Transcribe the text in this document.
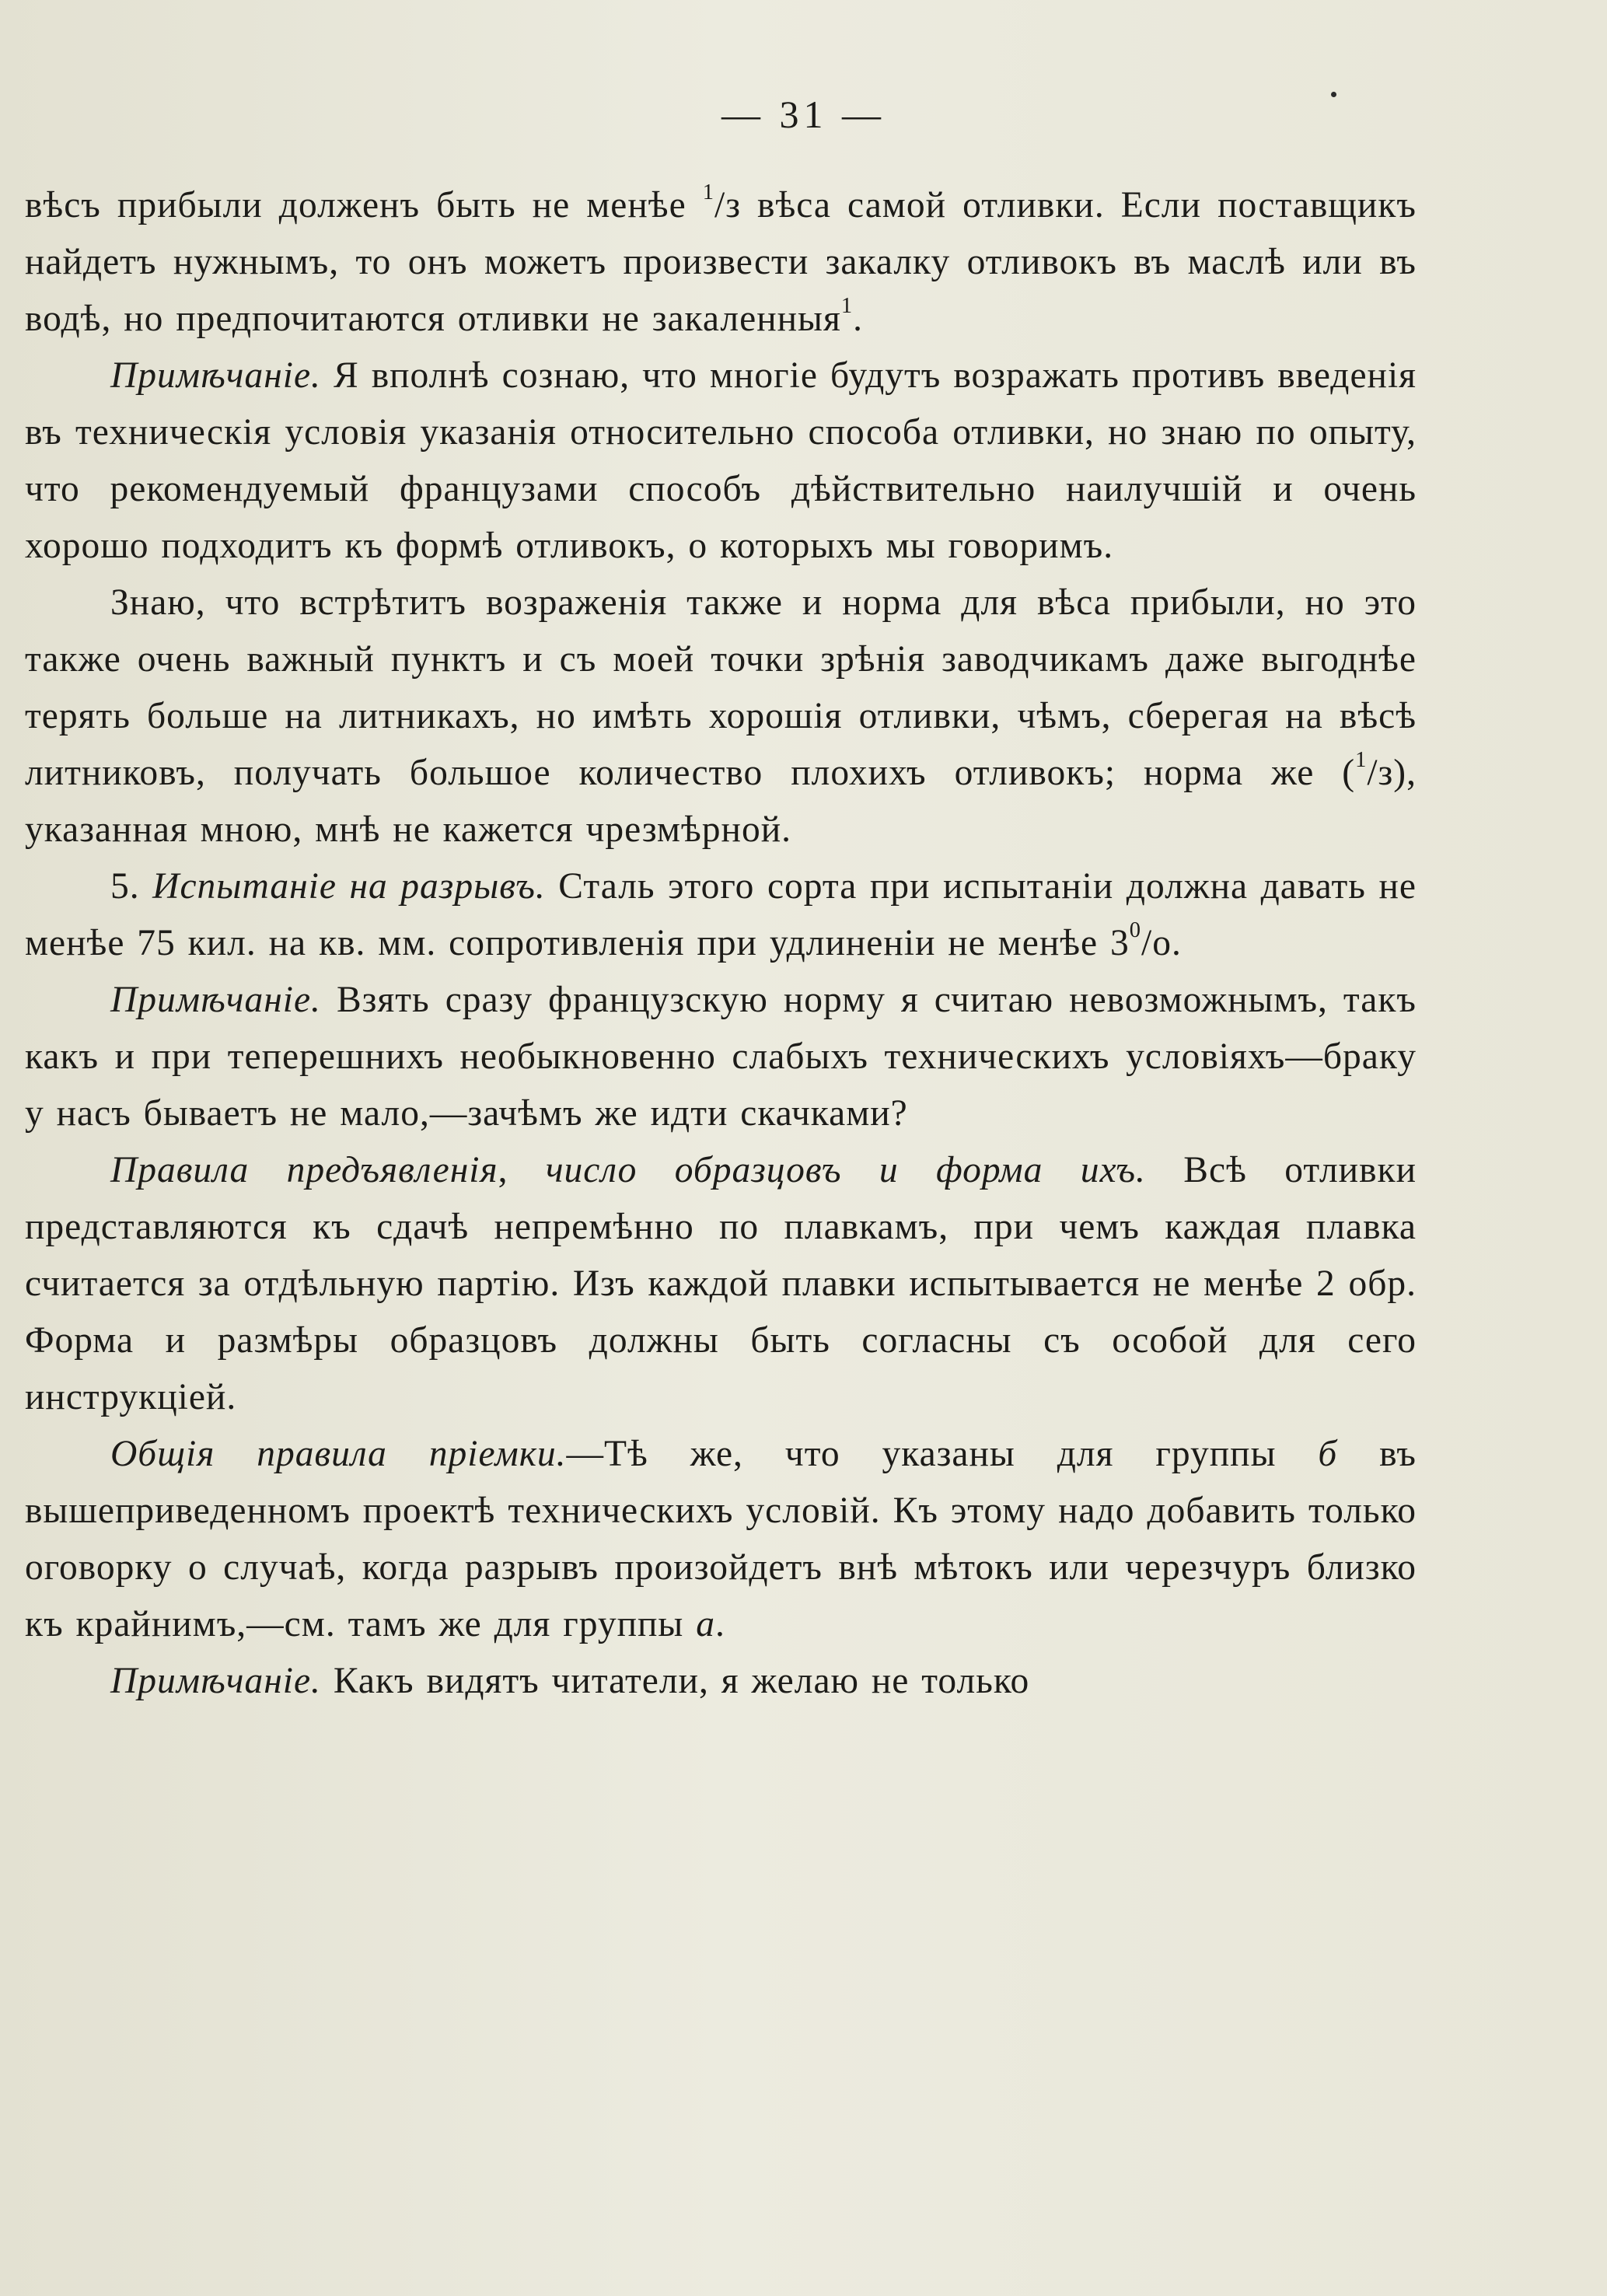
— 31 —

вѣсъ прибыли долженъ быть не менѣе $^1$/з вѣса самой отливки. Если поставщикъ найдетъ нужнымъ, то онъ можетъ произвести закалку отливокъ въ маслѣ или въ водѣ, но предпочитаются отливки не закаленныя$^1$.

Примѣчаніе. Я вполнѣ сознаю, что многіе будутъ возражать противъ введенія въ техническія условія указанія относительно способа отливки, но знаю по опыту, что рекомендуемый французами способъ дѣйствительно наилучшій и очень хорошо подходитъ къ формѣ отливокъ, о которыхъ мы говоримъ.

Знаю, что встрѣтитъ возраженія также и норма для вѣса прибыли, но это также очень важный пунктъ и съ моей точки зрѣнія заводчикамъ даже выгоднѣе терять больше на литникахъ, но имѣть хорошія отливки, чѣмъ, сберегая на вѣсѣ литниковъ, получать большое количество плохихъ отливокъ; норма же ($^1$/з), указанная мною, мнѣ не кажется чрезмѣрной.

5. Испытаніе на разрывъ. Сталь этого сорта при испытаніи должна давать не менѣе 75 кил. на кв. мм. сопротивленія при удлиненіи не менѣе $3^0/о$.

Примѣчаніе. Взять сразу французскую норму я считаю невозможнымъ, такъ какъ и при теперешнихъ необыкновенно слабыхъ техническихъ условіяхъ—браку у насъ бываетъ не мало,—зачѣмъ же идти скачками?

Правила предъявленія, число образцовъ и форма ихъ. Всѣ отливки представляются къ сдачѣ непремѣнно по плавкамъ, при чемъ каждая плавка считается за отдѣльную партію. Изъ каждой плавки испытывается не менѣе 2 обр. Форма и размѣры образцовъ должны быть согласны съ особой для сего инструкціей.

Общія правила пріемки.—Тѣ же, что указаны для группы б въ вышеприведенномъ проектѣ техническихъ условій. Къ этому надо добавить только оговорку о случаѣ, когда разрывъ произойдетъ внѣ мѣтокъ или черезчуръ близко къ крайнимъ,—см. тамъ же для группы а.

Примѣчаніе. Какъ видятъ читатели, я желаю не только
